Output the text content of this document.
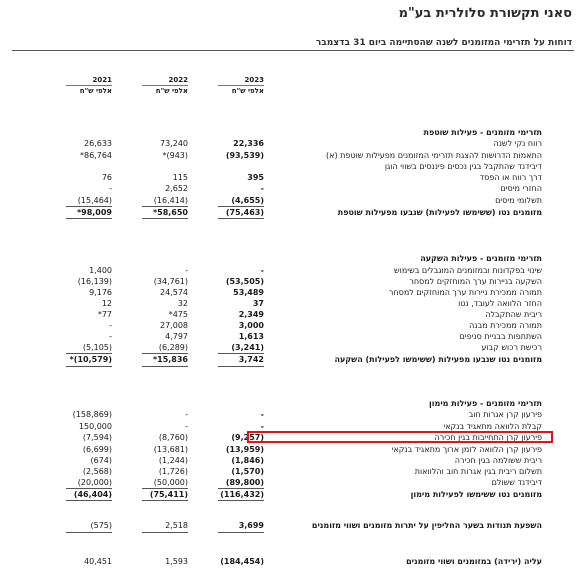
סאני תקשורת סלולרית בע"מ
דוחות על תזרימי המזומנים לשנה שהסתיימה ביום 31 בדצמבר
2023
2022
2021
אלפי ש"ח
אלפי ש"ח
אלפי ש"ח
תזרימי מזומנים - פעילות שוטפת
רווח נקי לשנה
22,336
73,240
26,633
התאמות הדרושות להצגת תזרימי המזומנים מפעילות שוטפת (א)
(93,539)
*(943)
*86,764
דיבידנד שהתקבל בגין נכסים פיננסים בשווי הוגן
דרך רווח או הפסד
395
115
76
החזרי מיסים
-
2,652
-
תשלומי מיסים
(4,655)
(16,414)
(15,464)
מזומנים נטו (ששימשו לפעילות) שנבעו מפעילות שוטפת
(75,463)
*58,650
*98,009
תזרימי מזומנים - פעילות השקעה
שינוי בפקדונות ובמזומנים המוגבלים בשימוש
-
-
1,400
השקעה בניירות ערך המוחזקים למסחר
(53,505)
(34,761)
(16,139)
תמורה ממכירת ניירות ערך המוחזקים למסחר
53,489
24,574
9,176
החזר הלוואה לעובד, נטו
37
32
12
ריבית שהתקבלה
2,349
*475
*77
תמורה ממכירת מבנה
3,000
27,008
-
השתתפות בבניית סניפים
1,613
4,797
-
רכישת רכוש קבוע
(3,241)
(6,289)
(5,105)
מזומנים נטו שנבעו מפעילות (ששימשו לפעילות) השקעה
3,742
*15,836
*(10,579)
תזרימי מזומנים - פעילות מימון
פירעון קרן אגרות חוב
-
-
(158,869)
קבלת הלוואה מתאגיד בנקאי
-
-
150,000
פירעון קרן התחייבות בגין חכירה
(9,257)
(8,760)
(7,594)
פירעון קרן הלוואה לזמן ארוך מתאגיד בנקאי
(13,959)
(13,681)
(6,699)
ריבית ששולמה בגין חכירה
(1,846)
(1,244)
(674)
תשלום ריבית בגין אגרות חוב והלוואות
(1,570)
(1,726)
(2,568)
דיבידנד ששולם
(89,800)
(50,000)
(20,000)
מזומנים נטו ששימשו לפעילות מימון
(116,432)
(75,411)
(46,404)
השפעת תנודות בשער החליפין על יתרות מזומנים ושווי מזומנים
3,699
2,518
(575)
עליה (ירידה) במזומנים ושווי מזומנים
(184,454)
1,593
40,451
